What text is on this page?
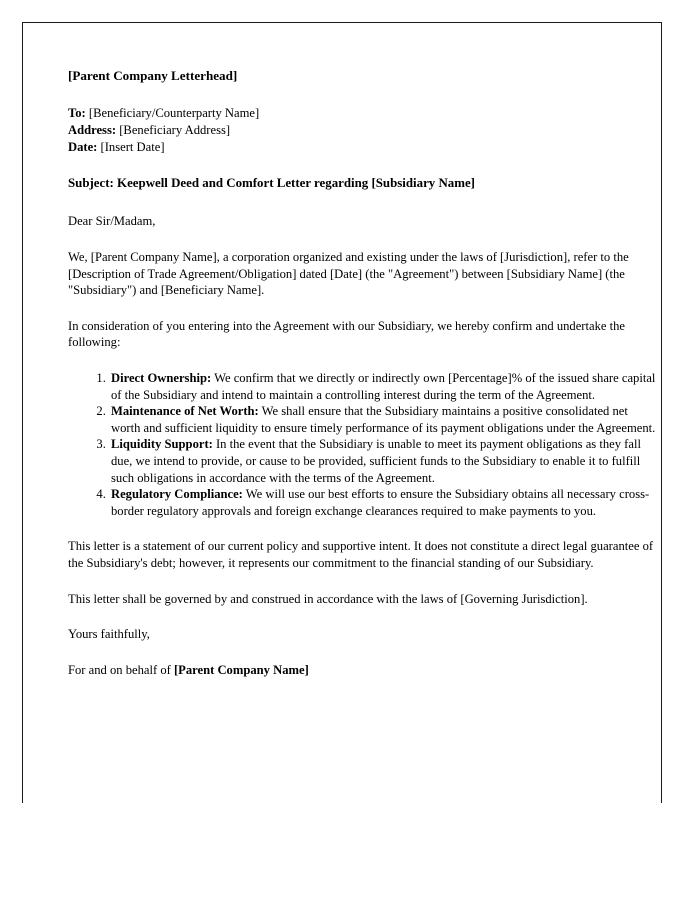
[Parent Company Letterhead]
To: [Beneficiary/Counterparty Name]
Address: [Beneficiary Address]
Date: [Insert Date]
Subject: Keepwell Deed and Comfort Letter regarding [Subsidiary Name]
Dear Sir/Madam,
We, [Parent Company Name], a corporation organized and existing under the laws of [Jurisdiction], refer to the [Description of Trade Agreement/Obligation] dated [Date] (the "Agreement") between [Subsidiary Name] (the "Subsidiary") and [Beneficiary Name].
In consideration of you entering into the Agreement with our Subsidiary, we hereby confirm and undertake the following:
1. Direct Ownership: We confirm that we directly or indirectly own [Percentage]% of the issued share capital of the Subsidiary and intend to maintain a controlling interest during the term of the Agreement.
2. Maintenance of Net Worth: We shall ensure that the Subsidiary maintains a positive consolidated net worth and sufficient liquidity to ensure timely performance of its payment obligations under the Agreement.
3. Liquidity Support: In the event that the Subsidiary is unable to meet its payment obligations as they fall due, we intend to provide, or cause to be provided, sufficient funds to the Subsidiary to enable it to fulfill such obligations in accordance with the terms of the Agreement.
4. Regulatory Compliance: We will use our best efforts to ensure the Subsidiary obtains all necessary cross-border regulatory approvals and foreign exchange clearances required to make payments to you.
This letter is a statement of our current policy and supportive intent. It does not constitute a direct legal guarantee of the Subsidiary's debt; however, it represents our commitment to the financial standing of our Subsidiary.
This letter shall be governed by and construed in accordance with the laws of [Governing Jurisdiction].
Yours faithfully,
For and on behalf of [Parent Company Name]
